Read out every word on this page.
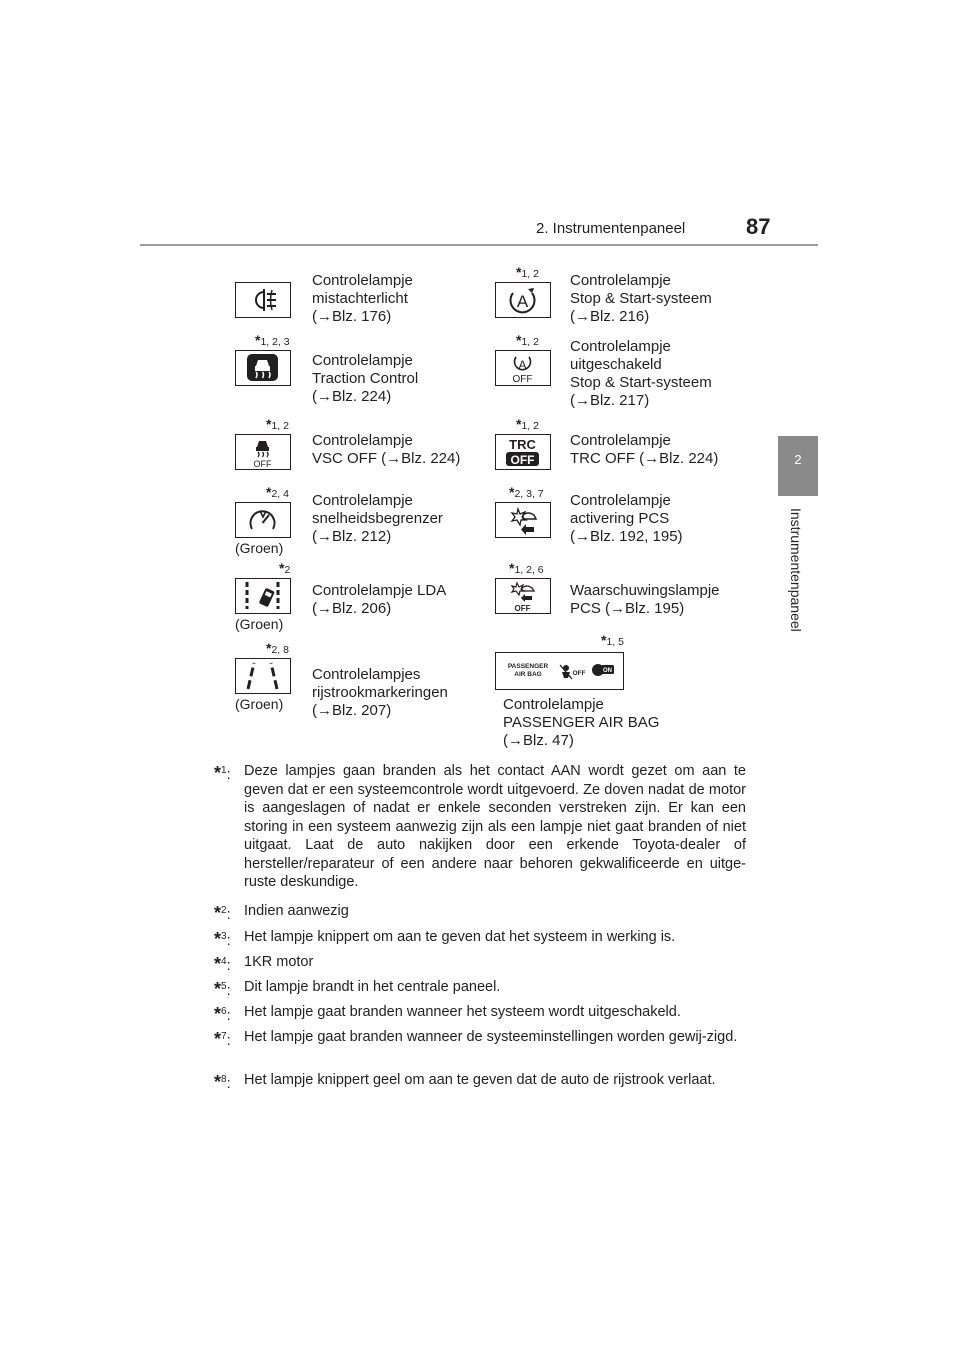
2. Instrumentenpaneel	87
2
Instrumentenpaneel
Controlelampje
mistachterlicht
(→Blz. 176)
*1, 2
A
Controlelampje
Stop & Start-systeem
(→Blz. 216)
*1, 2, 3
Controlelampje
Traction Control
(→Blz. 224)
*1, 2
A
OFF
Controlelampje
uitgeschakeld
Stop & Start-systeem
(→Blz. 217)
*1, 2
OFF
Controlelampje
VSC OFF (→Blz. 224)
*1, 2
TRC
OFF
Controlelampje
TRC OFF (→Blz. 224)
*2, 4
(Groen)
Controlelampje
snelheidsbegrenzer
(→Blz. 212)
*2, 3, 7 Controlelampje
activering PCS
(→Blz. 192, 195)
*2
(Groen)
Controlelampje LDA
(→Blz. 206)
*1, 2, 6
OFF
Waarschuwingslampje
PCS (→Blz. 195)
*2, 8
(Groen)
Controlelampjes
rijstrookmarkeringen
(→Blz. 207)
*1, 5
PASSENGER
AIR BAG	OFF	ON
Controlelampje
PASSENGER AIR BAG
(→Blz. 47)
*$^1$: Deze lampjes gaan branden als het contact AAN wordt gezet om aan te geven dat er een systeemcontrole wordt uitgevoerd. Ze doven nadat de motor is aangeslagen of nadat er enkele seconden verstreken zijn. Er kan een storing in een systeem aanwezig zijn als een lampje niet gaat branden of niet uitgaat. Laat de auto nakijken door een erkende Toyota-dealer of hersteller/reparateur of een andere naar behoren gekwalificeerde en uitge-ruste deskundige.
*$^2$: Indien aanwezig
*$^3$: Het lampje knippert om aan te geven dat het systeem in werking is.
*$^4$: 1KR motor
*$^5$: Dit lampje brandt in het centrale paneel.
*$^6$: Het lampje gaat branden wanneer het systeem wordt uitgeschakeld.
*$^7$: Het lampje gaat branden wanneer de systeeminstellingen worden gewij-zigd.
*$^8$: Het lampje knippert geel om aan te geven dat de auto de rijstrook verlaat.
